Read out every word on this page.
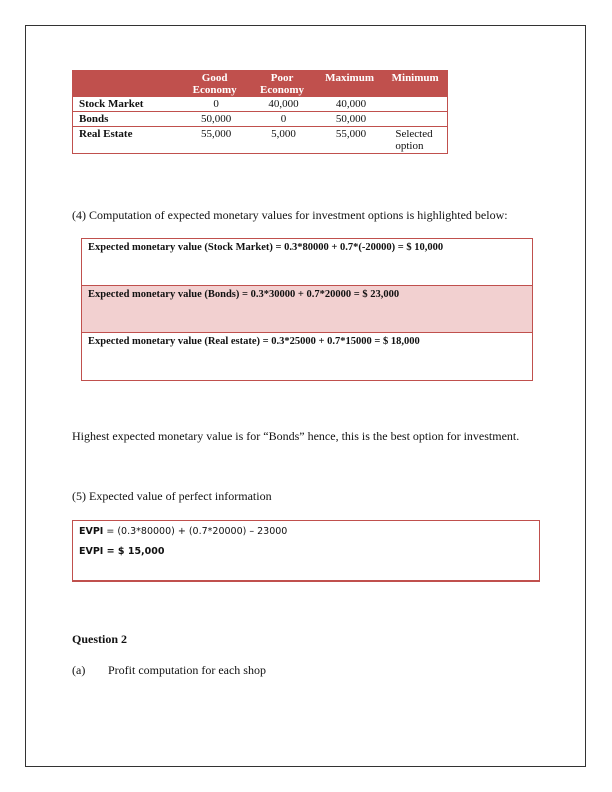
	Good Economy	Poor Economy	Maximum	Minimum
Stock Market	0	40,000	40,000	
Bonds	50,000	0	50,000	
Real Estate	55,000	5,000	55,000	Selected option
(4) Computation of expected monetary values for investment options is highlighted below:
Expected monetary value (Stock Market) = 0.3*80000 + 0.7*(-20000) = $ 10,000
Expected monetary value (Bonds) = 0.3*30000 + 0.7*20000 = $ 23,000
Expected monetary value (Real estate) = 0.3*25000 + 0.7*15000 = $ 18,000
Highest expected monetary value is for “Bonds” hence, this is the best option for investment.
(5) Expected value of perfect information
EVPI = (0.3*80000) + (0.7*20000) – 23000
EVPI = $ 15,000
Question 2
(a) Profit computation for each shop
